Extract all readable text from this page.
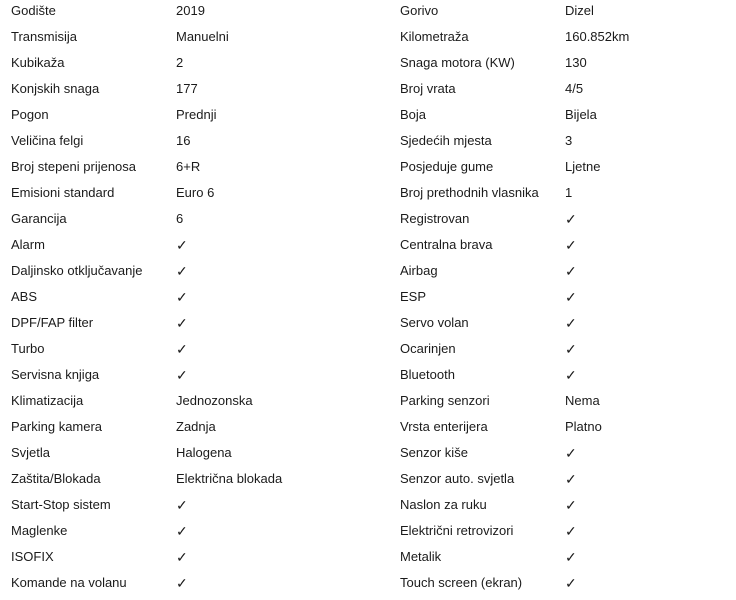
Godište	2019	Gorivo	Dizel
Transmisija	Manuelni	Kilometraža	160.852km
Kubikaža	2	Snaga motora (KW)	130
Konjskih snaga	177	Broj vrata	4/5
Pogon	Prednji	Boja	Bijela
Veličina felgi	16	Sjedećih mjesta	3
Broj stepeni prijenosa	6+R	Posjeduje gume	Ljetne
Emisioni standard	Euro 6	Broj prethodnih vlasnika 1
Garancija	6	Registrovan	✓
Alarm	✓	Centralna brava	✓
Daljinsko otključavanje ✓	Airbag	✓
ABS	✓	ESP	✓
DPF/FAP filter	✓	Servo volan	✓
Turbo	✓	Ocarinjen	✓
Servisna knjiga	✓	Bluetooth	✓
Klimatizacija	Jednozonska	Parking senzori	Nema
Parking kamera	Zadnja	Vrsta enterijera	Platno
Svjetla	Halogena	Senzor kiše	✓
Zaštita/Blokada	Električna blokada	Senzor auto. svjetla	✓
Start-Stop sistem	✓	Naslon za ruku	✓
Maglenke	✓	Električni retrovizori	✓
ISOFIX	✓	Metalik	✓
Komande na volanu	✓	Touch screen (ekran)	✓
